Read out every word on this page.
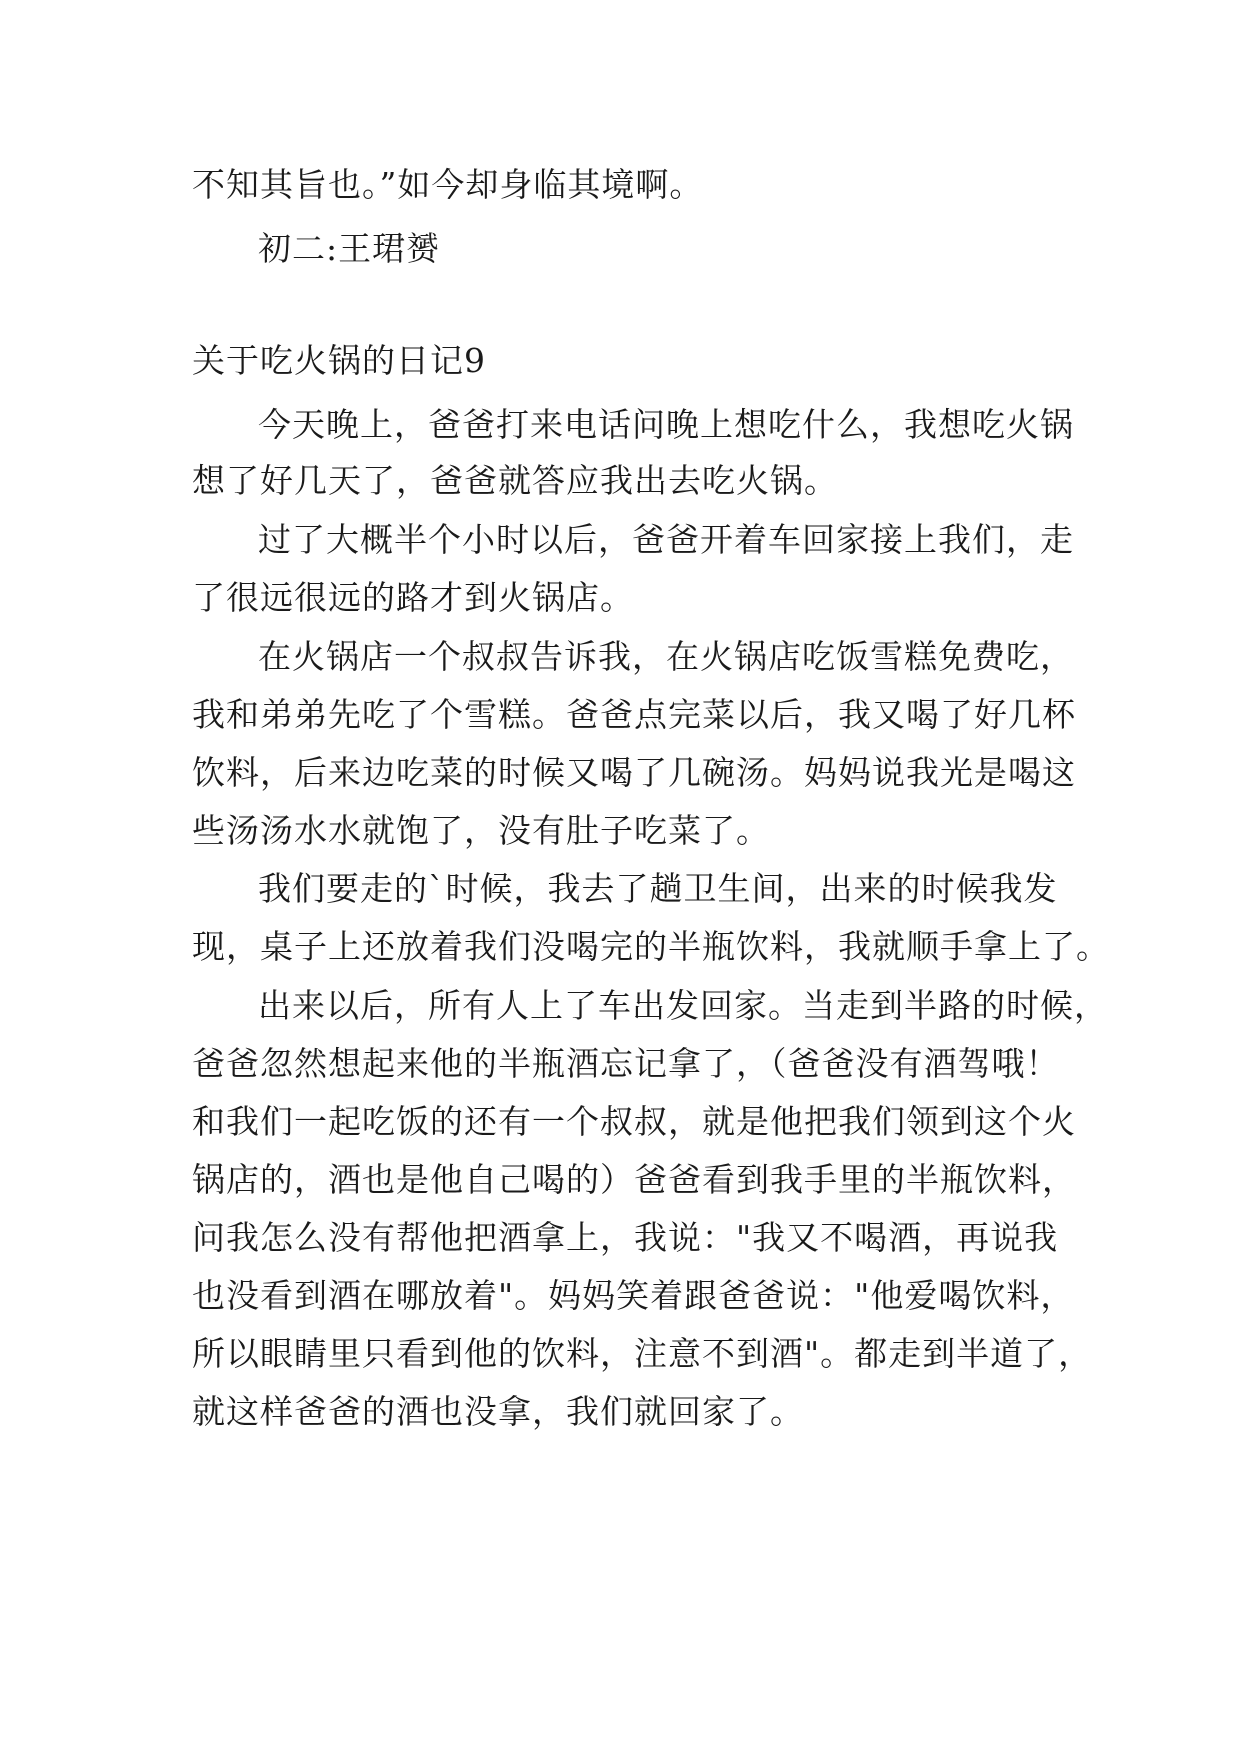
不知其旨也。”如今却身临其境啊。
初二:王珺赟
关于吃火锅的日记9
今天晚上，爸爸打来电话问晚上想吃什么，我想吃火锅
想了好几天了，爸爸就答应我出去吃火锅。
过了大概半个小时以后，爸爸开着车回家接上我们，走
了很远很远的路才到火锅店。
在火锅店一个叔叔告诉我，在火锅店吃饭雪糕免费吃，
我和弟弟先吃了个雪糕。爸爸点完菜以后，我又喝了好几杯
饮料，后来边吃菜的时候又喝了几碗汤。妈妈说我光是喝这
些汤汤水水就饱了，没有肚子吃菜了。
我们要走的`时候，我去了趟卫生间，出来的时候我发
现，桌子上还放着我们没喝完的半瓶饮料，我就顺手拿上了。
出来以后，所有人上了车出发回家。当走到半路的时候，
爸爸忽然想起来他的半瓶酒忘记拿了，（爸爸没有酒驾哦！
和我们一起吃饭的还有一个叔叔，就是他把我们领到这个火
锅店的，酒也是他自己喝的）爸爸看到我手里的半瓶饮料，
问我怎么没有帮他把酒拿上，我说："我又不喝酒，再说我
也没看到酒在哪放着"。妈妈笑着跟爸爸说："他爱喝饮料，
所以眼睛里只看到他的饮料，注意不到酒"。都走到半道了，
就这样爸爸的酒也没拿，我们就回家了。
